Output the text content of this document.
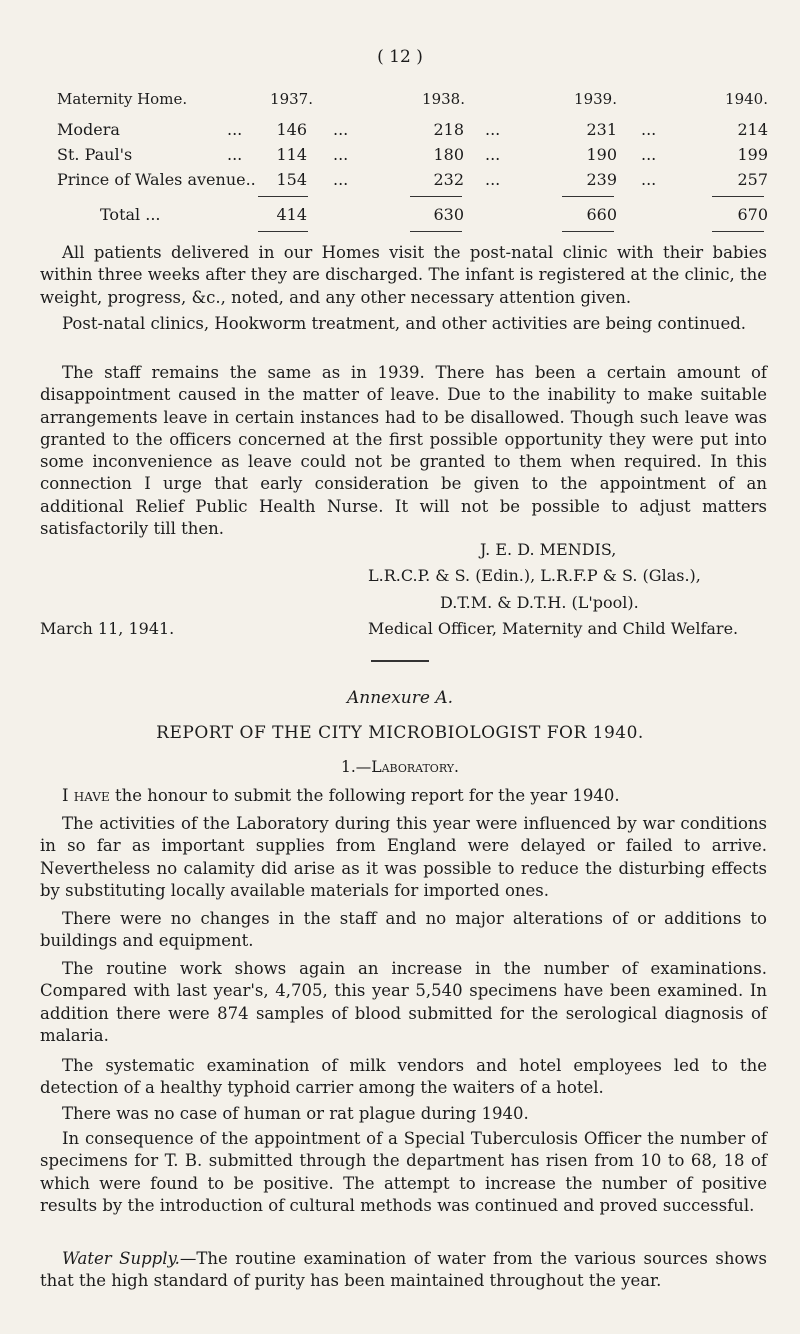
( 12 )
Maternity Home.	1937.	1938.	1939.	1940.
Modera	...	146 ...	218 ...	231 ...	214
St. Paul's	...	114 ...	180 ...	190 ...	199
Prince of Wales avenue..	154 ...	232 ...	239 ...	257
Total ...	414	630	660	670

All patients delivered in our Homes visit the post-natal clinic with their babies within three weeks after they are discharged. The infant is registered at the clinic, the weight, progress, &c., noted, and any other necessary attention given.

Post-natal clinics, Hookworm treatment, and other activities are being continued.

The staff remains the same as in 1939. There has been a certain amount of disappointment caused in the matter of leave. Due to the inability to make suitable arrangements leave in certain instances had to be disallowed. Though such leave was granted to the officers concerned at the first possible opportunity they were put into some inconvenience as leave could not be granted to them when required. In this connection I urge that early consideration be given to the appointment of an additional Relief Public Health Nurse. It will not be possible to adjust matters satisfactorily till then.

J. E. D. MENDIS,
L.R.C.P. & S. (Edin.), L.R.F.P & S. (Glas.),
D.T.M. & D.T.H. (L'pool).
March 11, 1941.	Medical Officer, Maternity and Child Welfare.
Annexure A.
REPORT OF THE CITY MICROBIOLOGIST FOR 1940.
1.—Laboratory.

I have the honour to submit the following report for the year 1940.

The activities of the Laboratory during this year were influenced by war conditions in so far as important supplies from England were delayed or failed to arrive. Nevertheless no calamity did arise as it was possible to reduce the disturbing effects by substituting locally available materials for imported ones.

There were no changes in the staff and no major alterations of or additions to buildings and equipment.

The routine work shows again an increase in the number of examinations. Compared with last year's, 4,705, this year 5,540 specimens have been examined. In addition there were 874 samples of blood submitted for the serological diagnosis of malaria.

The systematic examination of milk vendors and hotel employees led to the detection of a healthy typhoid carrier among the waiters of a hotel.

There was no case of human or rat plague during 1940.

In consequence of the appointment of a Special Tuberculosis Officer the number of specimens for T. B. submitted through the department has risen from 10 to 68, 18 of which were found to be positive. The attempt to increase the number of positive results by the introduction of cultural methods was continued and proved successful.

Water Supply.—The routine examination of water from the various sources shows that the high standard of purity has been maintained throughout the year.
